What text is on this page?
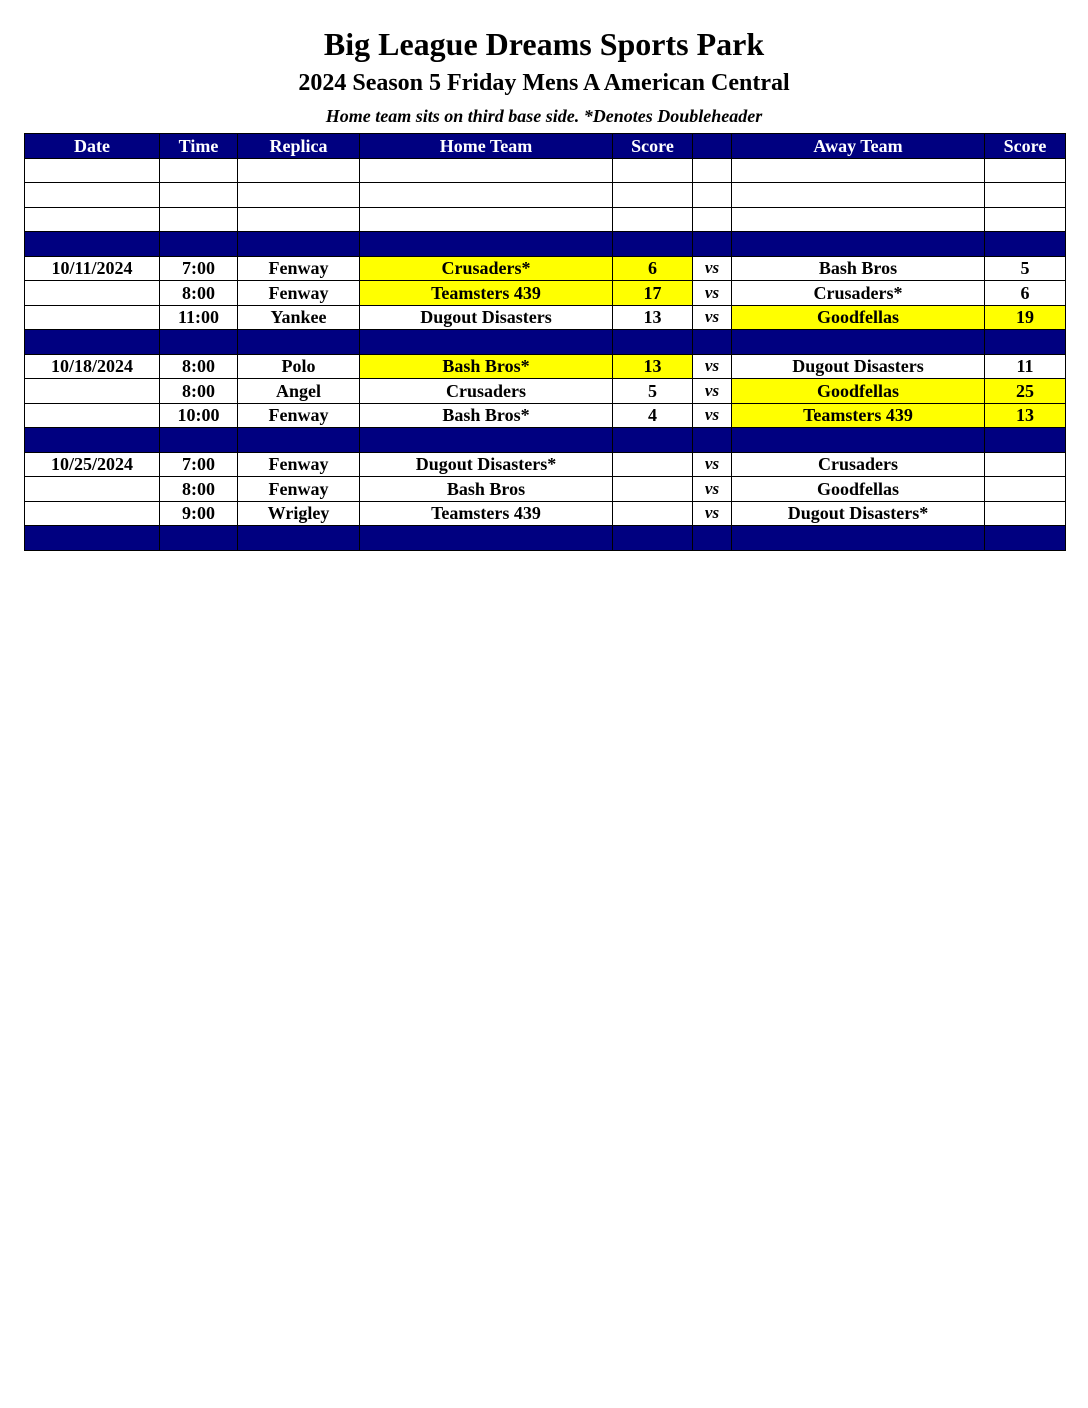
Big League Dreams Sports Park
2024 Season 5 Friday Mens A American Central
Home team sits on third base side. *Denotes Doubleheader
Date	Time	Replica	Home Team	Score		Away Team	Score

10/11/2024	7:00	Fenway	Crusaders*	6	vs	Bash Bros	5
	8:00	Fenway	Teamsters 439	17	vs	Crusaders*	6
	11:00	Yankee	Dugout Disasters	13	vs	Goodfellas	19

10/18/2024	8:00	Polo	Bash Bros*	13	vs	Dugout Disasters	11
	8:00	Angel	Crusaders	5	vs	Goodfellas	25
	10:00	Fenway	Bash Bros*	4	vs	Teamsters 439	13

10/25/2024	7:00	Fenway	Dugout Disasters*		vs	Crusaders	
	8:00	Fenway	Bash Bros		vs	Goodfellas	
	9:00	Wrigley	Teamsters 439		vs	Dugout Disasters*	
